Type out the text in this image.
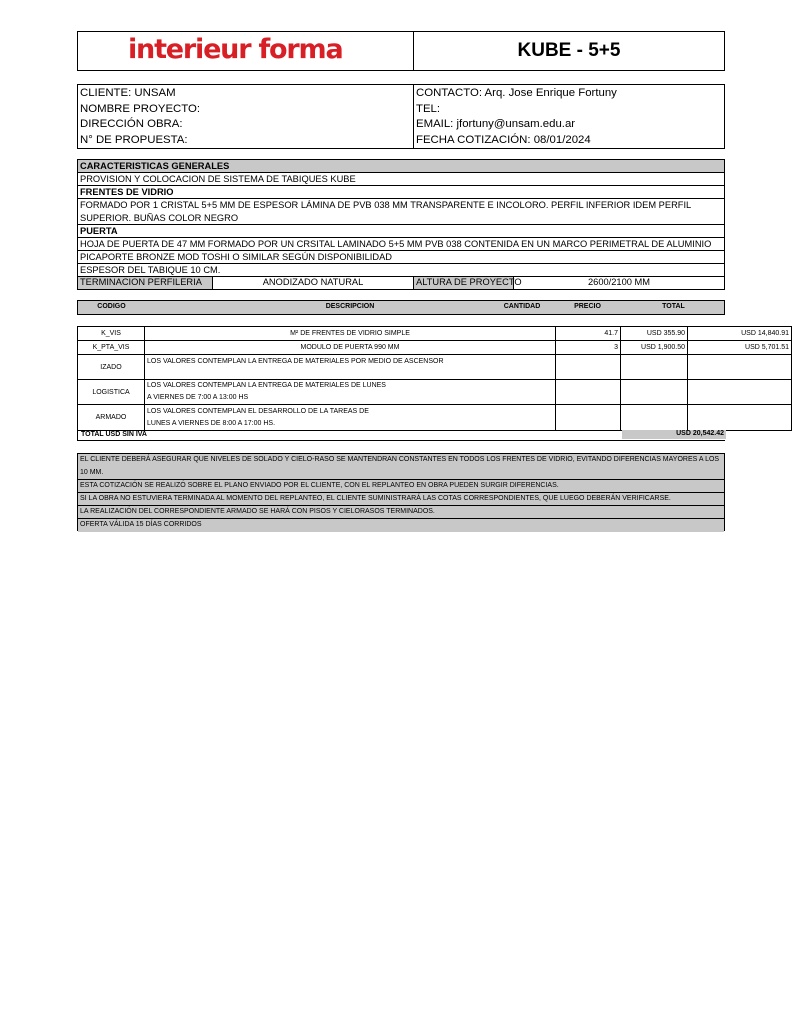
interieur forma	KUBE - 5+5
CLIENTE: UNSAM
NOMBRE PROYECTO:
DIRECCIÓN OBRA:
N° DE PROPUESTA:
CONTACTO: Arq. Jose Enrique Fortuny
TEL:
EMAIL: jfortuny@unsam.edu.ar
FECHA COTIZACIÓN: 08/01/2024
CARACTERISTICAS GENERALES
PROVISION Y COLOCACION DE SISTEMA DE TABIQUES KUBE
FRENTES DE VIDRIO
FORMADO POR 1 CRISTAL 5+5 MM DE ESPESOR LÁMINA DE PVB 038 MM TRANSPARENTE E INCOLORO. PERFIL INFERIOR IDEM PERFIL
SUPERIOR. BUÑAS COLOR NEGRO
PUERTA
HOJA DE PUERTA DE 47 MM FORMADO POR UN CRSITAL LAMINADO 5+5 MM PVB 038 CONTENIDA EN UN MARCO PERIMETRAL DE ALUMINIO
PICAPORTE BRONZE MOD TOSHI O SIMILAR SEGÚN DISPONIBILIDAD
ESPESOR DEL TABIQUE 10 CM.
TERMINACION PERFILERIA	ANODIZADO NATURAL	ALTURA DE PROYECTO	2600/2100 MM
CODIGO	DESCRIPCION	CANTIDAD	PRECIO	TOTAL
K_VIS	M² DE FRENTES DE VIDRIO SIMPLE	41.7	USD 355.90	USD 14,840.91
K_PTA_VIS	MODULO DE PUERTA 990 MM	3	USD 1,900.50	USD 5,701.51
IZADO	LOS VALORES CONTEMPLAN LA ENTREGA DE MATERIALES POR MEDIO DE ASCENSOR			
LOGISTICA	LOS VALORES CONTEMPLAN LA ENTREGA DE MATERIALES DE LUNES A VIERNES DE 7:00 A 13:00 HS			
ARMADO	LOS VALORES CONTEMPLAN EL DESARROLLO DE LA TAREAS DE LUNES A VIERNES DE 8:00 A 17:00 HS.			
TOTAL USD SIN IVA	USD 20,542.42
EL CLIENTE DEBERÁ ASEGURAR QUE NIVELES DE SOLADO Y CIELO-RASO SE MANTENDRAN CONSTANTES EN TODOS LOS FRENTES DE VIDRIO, EVITANDO DIFERENCIAS MAYORES A LOS 10 MM.
ESTA COTIZACIÓN SE REALIZÓ SOBRE EL PLANO ENVIADO POR EL CLIENTE, CON EL REPLANTEO EN OBRA PUEDEN SURGIR DIFERENCIAS.
SI LA OBRA NO ESTUVIERA TERMINADA AL MOMENTO DEL REPLANTEO, EL CLIENTE SUMINISTRARÁ LAS COTAS CORRESPONDIENTES, QUE LUEGO DEBERÁN VERIFICARSE.
LA REALIZACIÓN DEL CORRESPONDIENTE ARMADO SE HARÁ CON PISOS Y CIELORASOS TERMINADOS.
OFERTA VÁLIDA 15 DÍAS CORRIDOS
